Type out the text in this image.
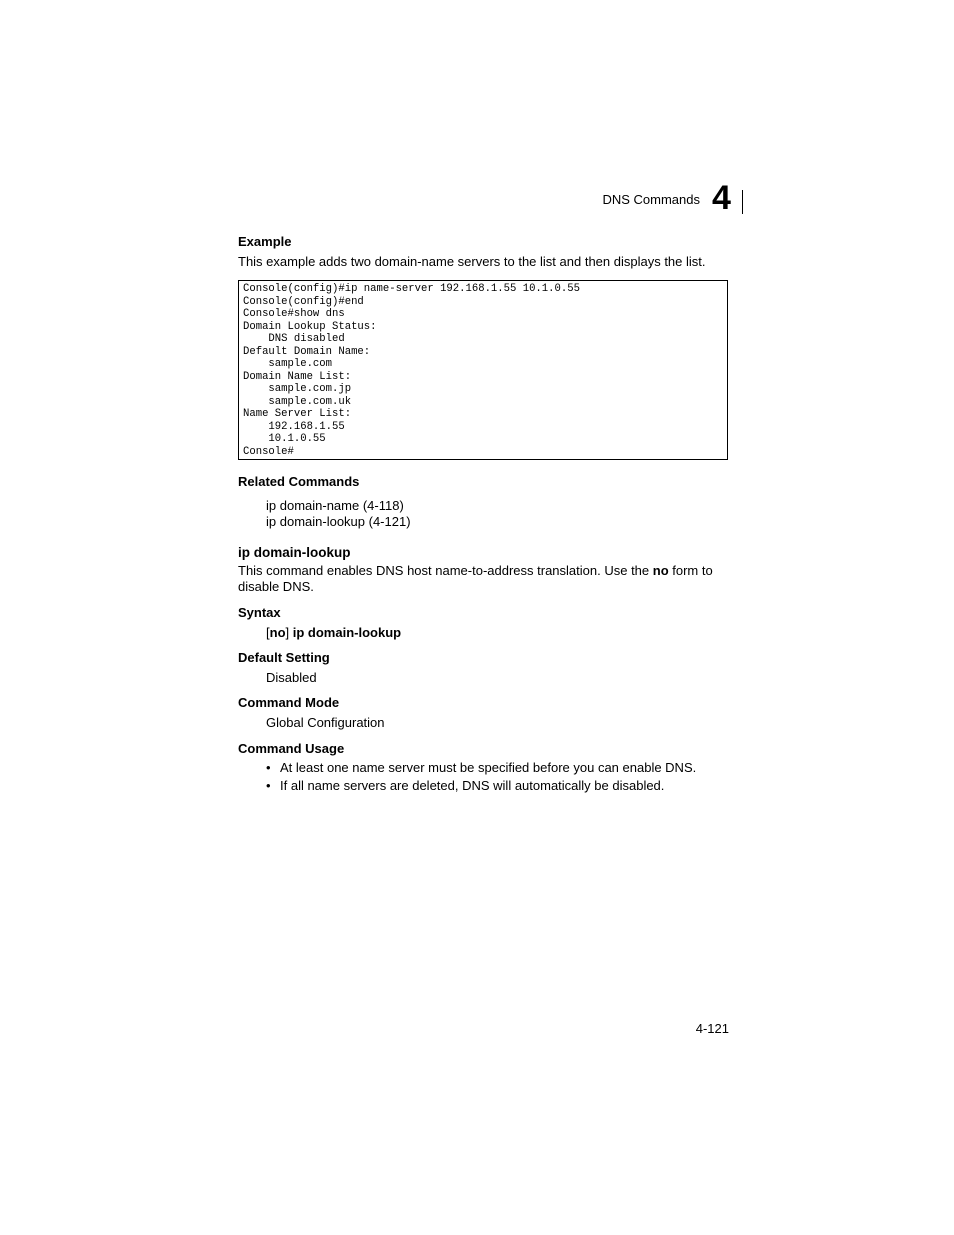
DNS Commands 4
Example
This example adds two domain-name servers to the list and then displays the list.
Console(config)#ip name-server 192.168.1.55 10.1.0.55
Console(config)#end
Console#show dns
Domain Lookup Status:
DNS disabled
Default Domain Name:
sample.com
Domain Name List:
sample.com.jp
sample.com.uk
Name Server List:
192.168.1.55
10.1.0.55
Console#
Related Commands
ip domain-name (4-118)
ip domain-lookup (4-121)
ip domain-lookup
This command enables DNS host name-to-address translation. Use the no form to disable DNS.
Syntax
[no] ip domain-lookup
Default Setting
Disabled
Command Mode
Global Configuration
Command Usage
• At least one name server must be specified before you can enable DNS.
• If all name servers are deleted, DNS will automatically be disabled.
4-121
